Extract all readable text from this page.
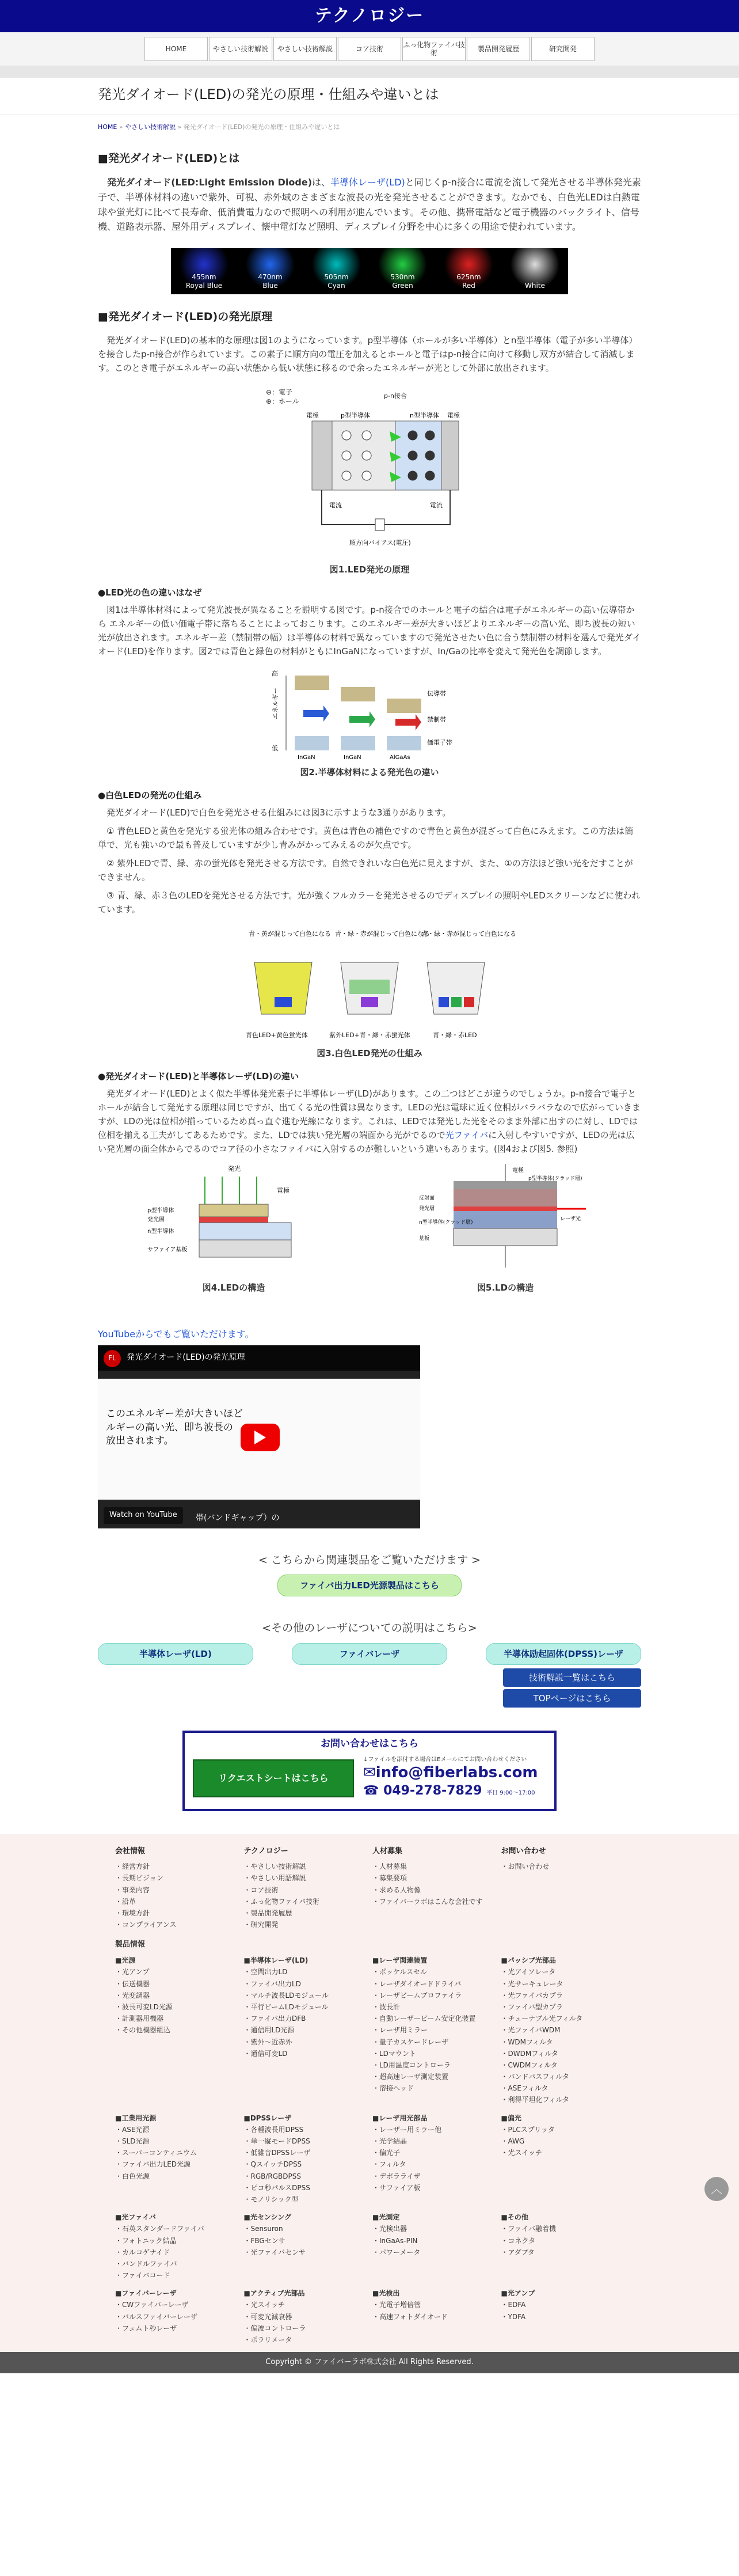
テクノロジー
HOME	やさしい技術解説	やさしい技術解説	コア技術
ふっ化物ファイバ技術
製品開発履歴	研究開発
発光ダイオード(LED)の発光の原理・仕組みや違いとは
HOME » やさしい技術解説 » 発光ダイオード(LED)の発光の原理・仕組みや違いとは
■発光ダイオード(LED)とは

発光ダイオード(LED:Light Emission Diode)は、半導体レーザ(LD)と同じくp-n接合に電流を流して発光させる半導体発光素子で、半導体材料の違いで紫外、可視、赤外域のさまざまな波長の光を発光させることができます。なかでも、白色光LEDは白熱電球や蛍光灯に比べて長寿命、低消費電力なので照明への利用が進んでいます。その他、携帯電話など電子機器のバックライト、信号機、道路表示器、屋外用ディスプレイ、懐中電灯など照明、ディスプレイ分野を中心に多くの用途で使われています。

455nm
Royal Blue
470nm
Blue
505nm
Cyan
530nm
Green
625nm
Red	White
■発光ダイオード(LED)の発光原理

発光ダイオード(LED)の基本的な原理は図1のようになっています。p型半導体（ホールが多い半導体）とn型半導体（電子が多い半導体）を接合したp-n接合が作られています。この素子に順方向の電圧を加えるとホールと電子はp-n接合に向けて移動し双方が結合して消滅します。このとき電子がエネルギーの高い状態から低い状態に移るので余ったエネルギーが光として外部に放出されます。

⊖：電子
⊕：ホール
p-n接合
電極	p型半導体	n型半導体 電極
電流	電流
順方向バイアス(電圧)
図1.LED発光の原理
●LED光の色の違いはなぜ

図1は半導体材料によって発光波長が異なることを説明する図です。p-n接合でのホールと電子の結合は電子がエネルギーの高い伝導帯から エネルギーの低い価電子帯に落ちることによっておこります。このエネルギー差が大きいほどよりエネルギーの高い光、即ち波長の短い光が放出されます。エネルギー差（禁制帯の幅）は半導体の材料で異なっていますので発光させたい色に合う禁制帯の材料を選んで発光ダイオード(LED)を作ります。図2では青色と緑色の材料がともにInGaNになっていますが、In/Gaの比率を変えて発光色を調節します。

高
低
エネルギー	伝導帯
禁制帯
価電子帯
InGaN	InGaN	AlGaAs
図2.半導体材料による発光色の違い
●白色LEDの発光の仕組み

発光ダイオード(LED)で白色を発光させる仕組みには図3に示すような3通りがあります。

① 青色LEDと黄色を発光する蛍光体の組み合わせです。黄色は青色の補色ですので青色と黄色が混ざって白色にみえます。この方法は簡単で、光も強いので最も普及していますが少し青みがかってみえるのが欠点です。

② 紫外LEDで青、緑、赤の蛍光体を発光させる方法です。自然できれいな白色光に見えますが、また、①の方法ほど強い光をだすことができません。

③ 青、緑、赤３色のLEDを発光させる方法です。光が強くフルカラーを発光させるのでディスプレイの照明やLEDスクリーンなどに使われています。

青・黄が混じって白色になる 青・緑・赤が混じって白色になる
青・緑・赤が混じって白色になる
青色LED+黄色蛍光体	紫外LED+青・緑・赤蛍光体	青・緑・赤LED
図3.白色LED発光の仕組み
●発光ダイオード(LED)と半導体レーザ(LD)の違い

発光ダイオード(LED)とよく似た半導体発光素子に半導体レーザ(LD)があります。この二つはどこが違うのでしょうか。p-n接合で電子とホールが結合して発光する原理は同じですが、出てくる光の性質は異なります。LEDの光は電球に近く位相がバラバラなので広がっていきますが、LDの光は位相が揃っているため真っ直ぐ進む光線になります。これは、LEDでは発光した光をそのまま外部に出すのに対し、LDでは位相を揃える工夫がしてあるためです。また、LDでは狭い発光層の端面から光がでるので光ファイバに入射しやすいですが、LEDの光は広い発光層の面全体からでるのでコア径の小さなファイバに入射するのが難しいという違いもあります。(図4および図5. 参照)

発光
電極
p型半導体
発光層
n型半導体
サファイア基板
図4.LEDの構造
電極
p型半導体(クラッド層)
反射面
発光層
レーザ光
n型半導体(クラッド層)
基板
図5.LDの構造
YouTubeからでもご覧いただけます。
FL	発光ダイオード(LED)の発光原理
このエネルギー差が大きいほど
ルギーの高い光、即ち波長の
放出されます。
Watch on YouTube	帯(バンドギャップ）の
< こちらから関連製品をご覧いただけます >
ファイバ出力LED光源製品はこちら
<その他のレーザについての説明はこちら>
半導体レーザ(LD)	ファイバレーザ	半導体励起固体(DPSS)レーザ
技術解説一覧はこちら
TOPページはこちら
お問い合わせはこちら
リクエストシートはこちら
↓ファイルを添付する場合はEメールにてお問い合わせください
✉info@fiberlabs.com
☎ 049-278-7829 平日 9:00〜17:00
会社情報
・経営方針
・長期ビジョン
・事業内容
・沿革
・環境方針
・コンプライアンス
テクノロジー
・やさしい技術解説
・やさしい用語解説
・コア技術
・ふっ化物ファイバ技術
・製品開発履歴
・研究開発
人材募集
・人材募集
・募集要項
・求める人物像
・ファイバーラボはこんな会社です
お問い合わせ
・お問い合わせ
製品情報
■光源
・光アンプ
・伝送機器
・光変調器
・波長可変LD光源
・計測器用機器
・その他機器組込
■半導体レーザ(LD)
・空間出力LD
・ファイバ出力LD
・マルチ波長LDモジュール
・平行ビームLDモジュール
・ファイバ出力DFB
・通信用LD光源
・紫外〜近赤外
・通信可変LD
■レーザ関連装置
・ポッケルスセル
・レーザダイオードドライバ
・レーザビームプロファイラ
・波長計
・自動レーザービーム安定化装置
・レーザ用ミラー
・量子カスケードレーザ
・LDマウント
・LD用温度コントローラ
・超高速レーザ測定装置
・溶接ヘッド
■パッシブ光部品
・光アイソレータ
・光サーキュレータ
・光ファイバカプラ
・ファイバ型カプラ
・チューナブル光フィルタ
・光ファイバWDM
・WDMフィルタ
・DWDMフィルタ
・CWDMフィルタ
・バンドパスフィルタ
・ASEフィルタ
・利得平坦化フィルタ
■工業用光源
・ASE光源
・SLD光源
・スーパーコンティニウム
・ファイバ出力LED光源
・白色光源
■DPSSレーザ
・各種波長用DPSS
・単一縦モードDPSS
・低雑音DPSSレーザ
・QスイッチDPSS
・RGB/RGBDPSS
・ピコ秒パルスDPSS
・モノリシック型
■レーザ用光部品
・レーザー用ミラー他
・光学結晶
・偏光子
・フィルタ
・デポラライザ
・サファイア板
■偏光
・PLCスプリッタ
・AWG
・光スイッチ
■光ファイバ
・石英スタンダードファイバ
・フォトニック結晶
・カルコゲナイド
・バンドルファイバ
・ファイバコード
■光センシング
・Sensuron
・FBGセンサ
・光ファイバセンサ
■光測定
・光検出器
・InGaAs-PIN
・パワーメータ
■その他
・ファイバ融着機
・コネクタ
・アダプタ
■ファイバーレーザ
・CWファイバーレーザ
・パルスファイバーレーザ
・フェムト秒レーザ
■アクティブ光部品
・光スイッチ
・可変光減衰器
・偏波コントローラ
・ポラリメータ
■光検出
・光電子増倍管
・高速フォトダイオード
■光アンプ
・EDFA
・YDFA
Copyright © ファイバーラボ株式会社 All Rights Reserved.
︿
